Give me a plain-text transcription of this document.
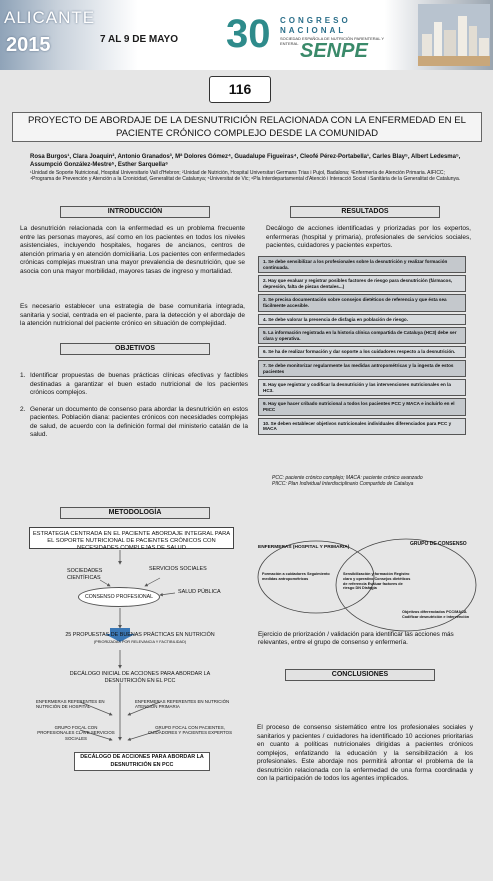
ALICANTE
2015	7 AL 9 DE MAYO 30 CONGRESO
NACIONAL
SOCIEDAD ESPAÑOLA DE NUTRICIÓN PARENTERAL Y ENTERAL SENPE
116
PROYECTO DE ABORDAJE DE LA DESNUTRICIÓN RELACIONADA CON LA ENFERMEDAD EN EL PACIENTE CRÓNICO COMPLEJO DESDE LA COMUNIDAD
Rosa Burgos¹, Clara Joaquin², Antonio Granados³, Mª Dolores Gómez⁴, Guadalupe Figueiras⁴, Cleofé Pérez-Portabella¹, Carles Blay⁵, Albert Ledesma⁵, Assumpció González-Mestre⁵, Esther Sarquella⁶
¹Unidad de Soporte Nutricional, Hospital Universitario Vall d'Hebron; ²Unidad de Nutrición, Hospital Universitari Germans Trias i Pujol, Badalona; ³Enfermería de Atención Primaria. AIFICC; ⁴Programa de Prevención y Atención a la Cronicidad, Generalitat de Catalunya; ⁵Universitat de Vic; ⁶Pla Interdepartamental d'Atenció i Interacció Social i Sanitària de la Generalitat de Catalunya.
INTRODUCCIÓN

La desnutrición relacionada con la enfermedad es un problema frecuente entre las personas mayores, así como en los pacientes en todos los niveles asistenciales, incluyendo hospitales, hogares de ancianos, centros de atención primaria y en atención domiciliaria. Los pacientes con enfermedades crónicas complejas muestran una mayor prevalencia de desnutrición, que se asocia con una mayor morbilidad, mayores tasas de ingreso y mortalidad.

Es necesario establecer una estrategia de base comunitaria integrada, sanitaria y social, centrada en el paciente, para la detección y el abordaje de la atención nutricional del paciente crónico en situación de complejidad.

RESULTADOS

Decálogo de acciones identificadas y priorizadas por los expertos, enfermeras (hospital y primaria), profesionales de servicios sociales, pacientes, cuidadores y pacientes expertos.

1. Se debe sensibilizar a los profesionales sobre la desnutrición y realizar formación continuada.
2. Hay que evaluar y registrar posibles factores de riesgo para desnutrición (fármacos, depresión, falta de piezas dentales...)
3. Se precisa documentación sobre consejos dietéticos de referencia y que ésta sea fácilmente accesible.
4. Se debe valorar la presencia de disfagia en población de riesgo.
5. La información registrada en la historia clínica compartida de Cataluya (HC3) debe ser clara y operativa.
6. Se ha de realizar formación y dar soporte a los cuidadores respecto a la desnutrición.
7. Se debe monitorizar regularmente las medidas antropométricas y la ingesta de estos pacientes
8. Hay que registrar y codificar la desnutrición y las intervenciones nutricionales en la HC3.
9. Hay que hacer cribado nutricional a todos los pacientes PCC y MACA e incluirlo en el PIICC
10. Se deben establecer objetivos nutricionales individuales diferenciados para PCC y MACA
PCC: paciente crónico complejo; MACA: paciente crónico avanzado
PIICC: Plan Individual Interdisciplinario Compartido de Cataluya
OBJETIVOS
1. Identificar propuestas de buenas prácticas clínicas efectivas y factibles destinadas a garantizar el buen estado nutricional de los pacientes crónicos complejos.
2. Generar un documento de consenso para abordar la desnutrición en estos pacientes. Población diana: pacientes crónicos con necesidades complejas de salud, de acuerdo con la definición formal del ministerio catalán de la salud.
METODOLOGÍA
ESTRATEGIA CENTRADA EN EL PACIENTE ABORDAJE INTEGRAL PARA EL SOPORTE NUTRICIONAL DE PACIENTES CRÓNICOS CON NECESIDADES COMPLEJAS DE SALUD
SOCIEDADES CIENTÍFICAS
SERVICIOS SOCIALES
SALUD PÚBLICA
CONSENSO PROFESIONAL
25 PROPUESTAS DE BUENAS PRÁCTICAS EN NUTRICIÓN
(PRIORIZADAS POR RELEVANCIA Y FACTIBILIDAD)
DECÁLOGO INICIAL DE ACCIONES PARA ABORDAR LA DESNUTRICIÓN EN EL PCC
ENFERMERAS REFERENTES EN NUTRICIÓN DE HOSPITAL
ENFERMERAS REFERENTES EN NUTRICIÓN ATENCIÓN PRIMARIA
GRUPO FOCAL CON PROFESIONALES CLAVE SERVICIOS SOCIALES
GRUPO FOCAL CON PACIENTES, CUIDADORES Y PACIENTES EXPERTOS
DECÁLOGO DE ACCIONES PARA ABORDAR LA DESNUTRICIÓN EN PCC
GRUPO DE CONSENSO
ENFERMERAS (HOSPITAL Y PRIMARIA)
Formación a cuidadores Seguimiento medidas antropométricas
Sensibilización y formación Registro claro y operativo Consejos dietéticos de referencia Evaluar factores de riesgo DN Disfagia
Objetivos diferenciados PCC/MACA Codificar desnutrición e intervención
Ejercicio de priorización / validación para identificar las acciones más relevantes, entre el grupo de consenso y enfermería.
CONCLUSIONES

El proceso de consenso sistemático entre los profesionales sociales y sanitarios y pacientes / cuidadores ha identificado 10 acciones prioritarias en cuanto a políticas nutricionales dirigidas a pacientes crónicos complejos, enfatizando la educación y la sensibilización a los profesionales. Este abordaje nos permitirá afrontar el problema de la desnutrición relacionada con la enfermedad de una forma coordinada y con la participación de todos los agentes implicados.
